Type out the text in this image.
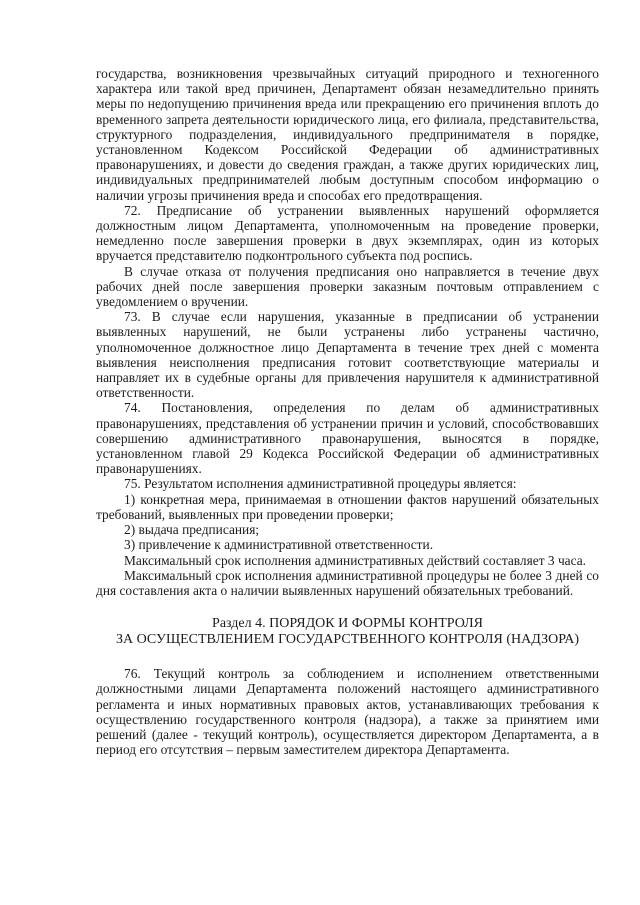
государства, возникновения чрезвычайных ситуаций природного и техногенного характера или такой вред причинен, Департамент обязан незамедлительно принять меры по недопущению причинения вреда или прекращению его причинения вплоть до временного запрета деятельности юридического лица, его филиала, представительства, структурного подразделения, индивидуального предпринимателя в порядке, установленном Кодексом Российской Федерации об административных правонарушениях, и довести до сведения граждан, а также других юридических лиц, индивидуальных предпринимателей любым доступным способом информацию о наличии угрозы причинения вреда и способах его предотвращения.

72. Предписание об устранении выявленных нарушений оформляется должностным лицом Департамента, уполномоченным на проведение проверки, немедленно после завершения проверки в двух экземплярах, один из которых вручается представителю подконтрольного субъекта под роспись.

В случае отказа от получения предписания оно направляется в течение двух рабочих дней после завершения проверки заказным почтовым отправлением с уведомлением о вручении.

73. В случае если нарушения, указанные в предписании об устранении выявленных нарушений, не были устранены либо устранены частично, уполномоченное должностное лицо Департамента в течение трех дней с момента выявления неисполнения предписания готовит соответствующие материалы и направляет их в судебные органы для привлечения нарушителя к административной ответственности.

74. Постановления, определения по делам об административных правонарушениях, представления об устранении причин и условий, способствовавших совершению административного правонарушения, выносятся в порядке, установленном главой 29 Кодекса Российской Федерации об административных правонарушениях.

75. Результатом исполнения административной процедуры является:

1) конкретная мера, принимаемая в отношении фактов нарушений обязательных требований, выявленных при проведении проверки;

2) выдача предписания;

3) привлечение к административной ответственности.

Максимальный срок исполнения административных действий составляет 3 часа.

Максимальный срок исполнения административной процедуры не более 3 дней со дня составления акта о наличии выявленных нарушений обязательных требований.

Раздел 4. ПОРЯДОК И ФОРМЫ КОНТРОЛЯ
ЗА ОСУЩЕСТВЛЕНИЕМ ГОСУДАРСТВЕННОГО КОНТРОЛЯ (НАДЗОРА)

76. Текущий контроль за соблюдением и исполнением ответственными должностными лицами Департамента положений настоящего административного регламента и иных нормативных правовых актов, устанавливающих требования к осуществлению государственного контроля (надзора), а также за принятием ими решений (далее - текущий контроль), осуществляется директором Департамента, а в период его отсутствия – первым заместителем директора Департамента.
